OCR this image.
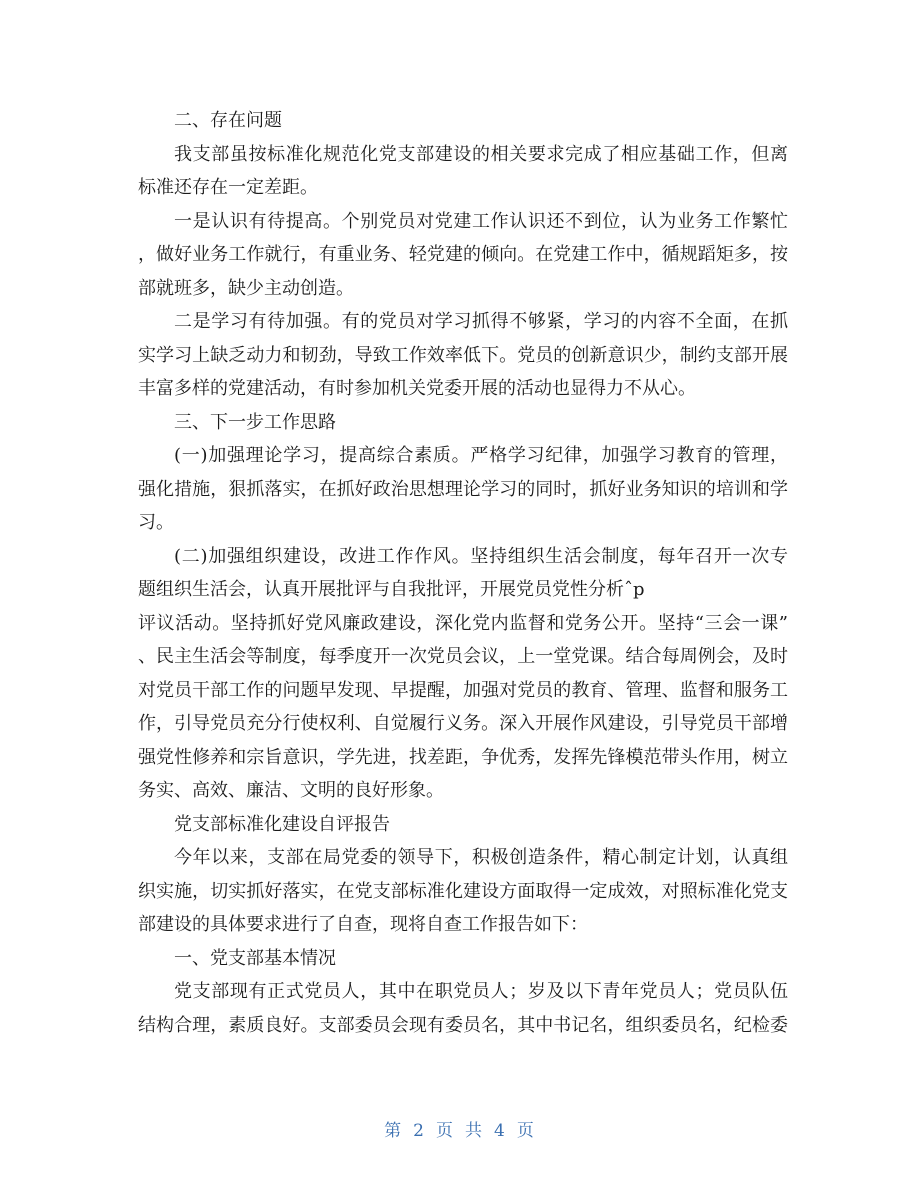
二、存在问题
我支部虽按标准化规范化党支部建设的相关要求完成了相应基础工作，但离
标准还存在一定差距。
一是认识有待提高。个别党员对党建工作认识还不到位，认为业务工作繁忙
，做好业务工作就行，有重业务、轻党建的倾向。在党建工作中，循规蹈矩多，按
部就班多，缺少主动创造。
二是学习有待加强。有的党员对学习抓得不够紧，学习的内容不全面，在抓
实学习上缺乏动力和韧劲，导致工作效率低下。党员的创新意识少，制约支部开展
丰富多样的党建活动，有时参加机关党委开展的活动也显得力不从心。
三、下一步工作思路
(一)加强理论学习，提高综合素质。严格学习纪律，加强学习教育的管理，
强化措施，狠抓落实，在抓好政治思想理论学习的同时，抓好业务知识的培训和学
习。
(二)加强组织建设，改进工作作风。坚持组织生活会制度，每年召开一次专
题组织生活会，认真开展批评与自我批评，开展党员党性分析ˆp
评议活动。坚持抓好党风廉政建设，深化党内监督和党务公开。坚持“三会一课”
、民主生活会等制度，每季度开一次党员会议，上一堂党课。结合每周例会，及时
对党员干部工作的问题早发现、早提醒，加强对党员的教育、管理、监督和服务工
作，引导党员充分行使权利、自觉履行义务。深入开展作风建设，引导党员干部增
强党性修养和宗旨意识，学先进，找差距，争优秀，发挥先锋模范带头作用，树立
务实、高效、廉洁、文明的良好形象。
党支部标准化建设自评报告
今年以来，支部在局党委的领导下，积极创造条件，精心制定计划，认真组
织实施，切实抓好落实，在党支部标准化建设方面取得一定成效，对照标准化党支
部建设的具体要求进行了自查，现将自查工作报告如下：
一、党支部基本情况
党支部现有正式党员人，其中在职党员人；岁及以下青年党员人；党员队伍
结构合理，素质良好。支部委员会现有委员名，其中书记名，组织委员名，纪检委
第 2 页 共 4 页
